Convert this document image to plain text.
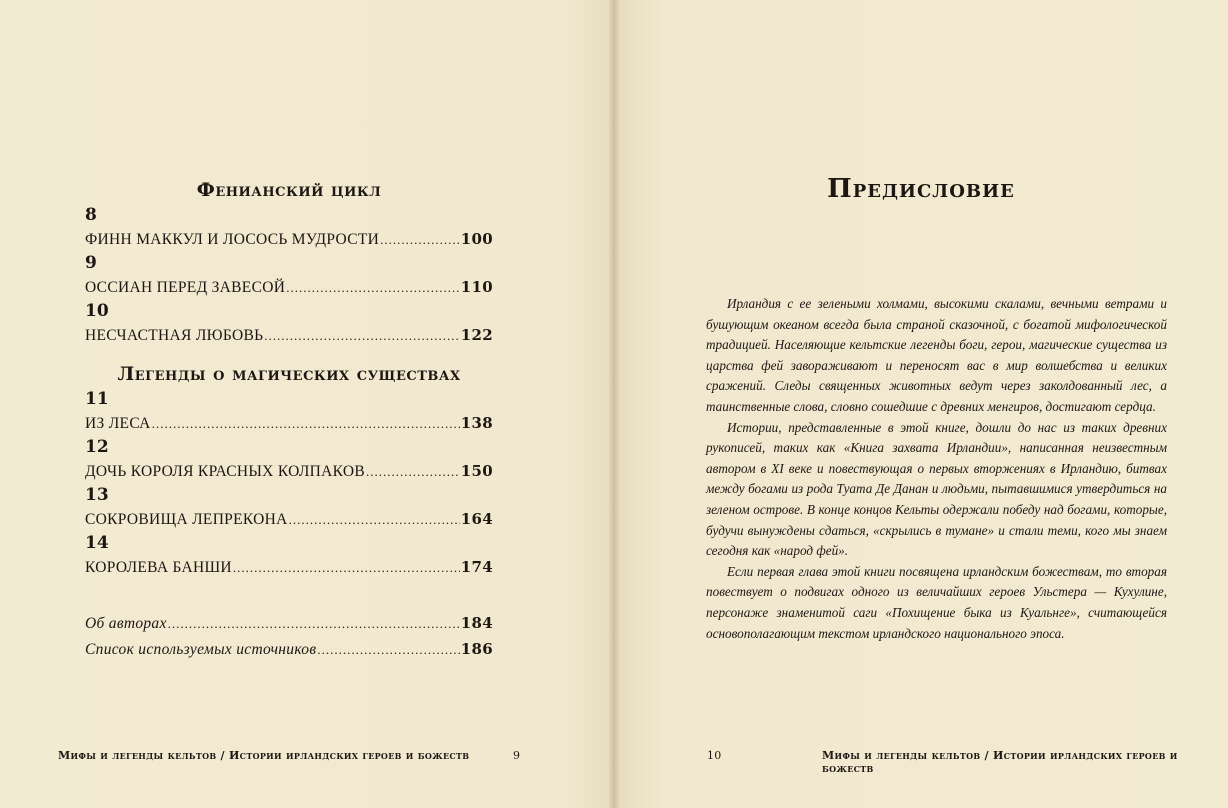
Фенианский цикл
8
ФИНН МАККУЛ И ЛОСОСЬ МУДРОСТИ .....	100
9
ОССИАН ПЕРЕД ЗАВЕСОЙ .....	110
10
НЕСЧАСТНАЯ ЛЮБОВЬ .....	122
Легенды о магических существах
11
ИЗ ЛЕСА .....	138
12
ДОЧЬ КОРОЛЯ КРАСНЫХ КОЛПАКОВ .....	150
13
СОКРОВИЩА ЛЕПРЕКОНА .....	164
14
КОРОЛЕВА БАНШИ .....	174
Об авторах .....	184
Список используемых источников .....	186
Мифы и легенды кельтов / Истории ирландских героев и божеств	9
Предисловие

Ирландия с ее зелеными холмами, высокими скалами, вечными ветрами и бушующим океаном всегда была страной сказочной, с богатой мифологической традицией. Населяющие кельтские легенды боги, герои, магические существа из царства фей завораживают и переносят вас в мир волшебства и великих сражений. Следы священных животных ведут через заколдованный лес, а таинственные слова, словно сошедшие с древних менгиров, достигают сердца.

Истории, представленные в этой книге, дошли до нас из таких древних рукописей, таких как «Книга захвата Ирландии», написанная неизвестным автором в XI веке и повествующая о первых вторжениях в Ирландию, битвах между богами из рода Туата Де Данан и людьми, пытавшимися утвердиться на зеленом острове. В конце концов Кельты одержали победу над богами, которые, будучи вынуждены сдаться, «скрылись в тумане» и стали теми, кого мы знаем сегодня как «народ фей».

Если первая глава этой книги посвящена ирландским божествам, то вторая повествует о подвигах одного из величайших героев Ульстера — Кухулине, персонаже знаменитой саги «Похищение быка из Куальнге», считающейся основополагающим текстом ирландского национального эпоса.

10	Мифы и легенды кельтов / Истории ирландских героев и божеств
